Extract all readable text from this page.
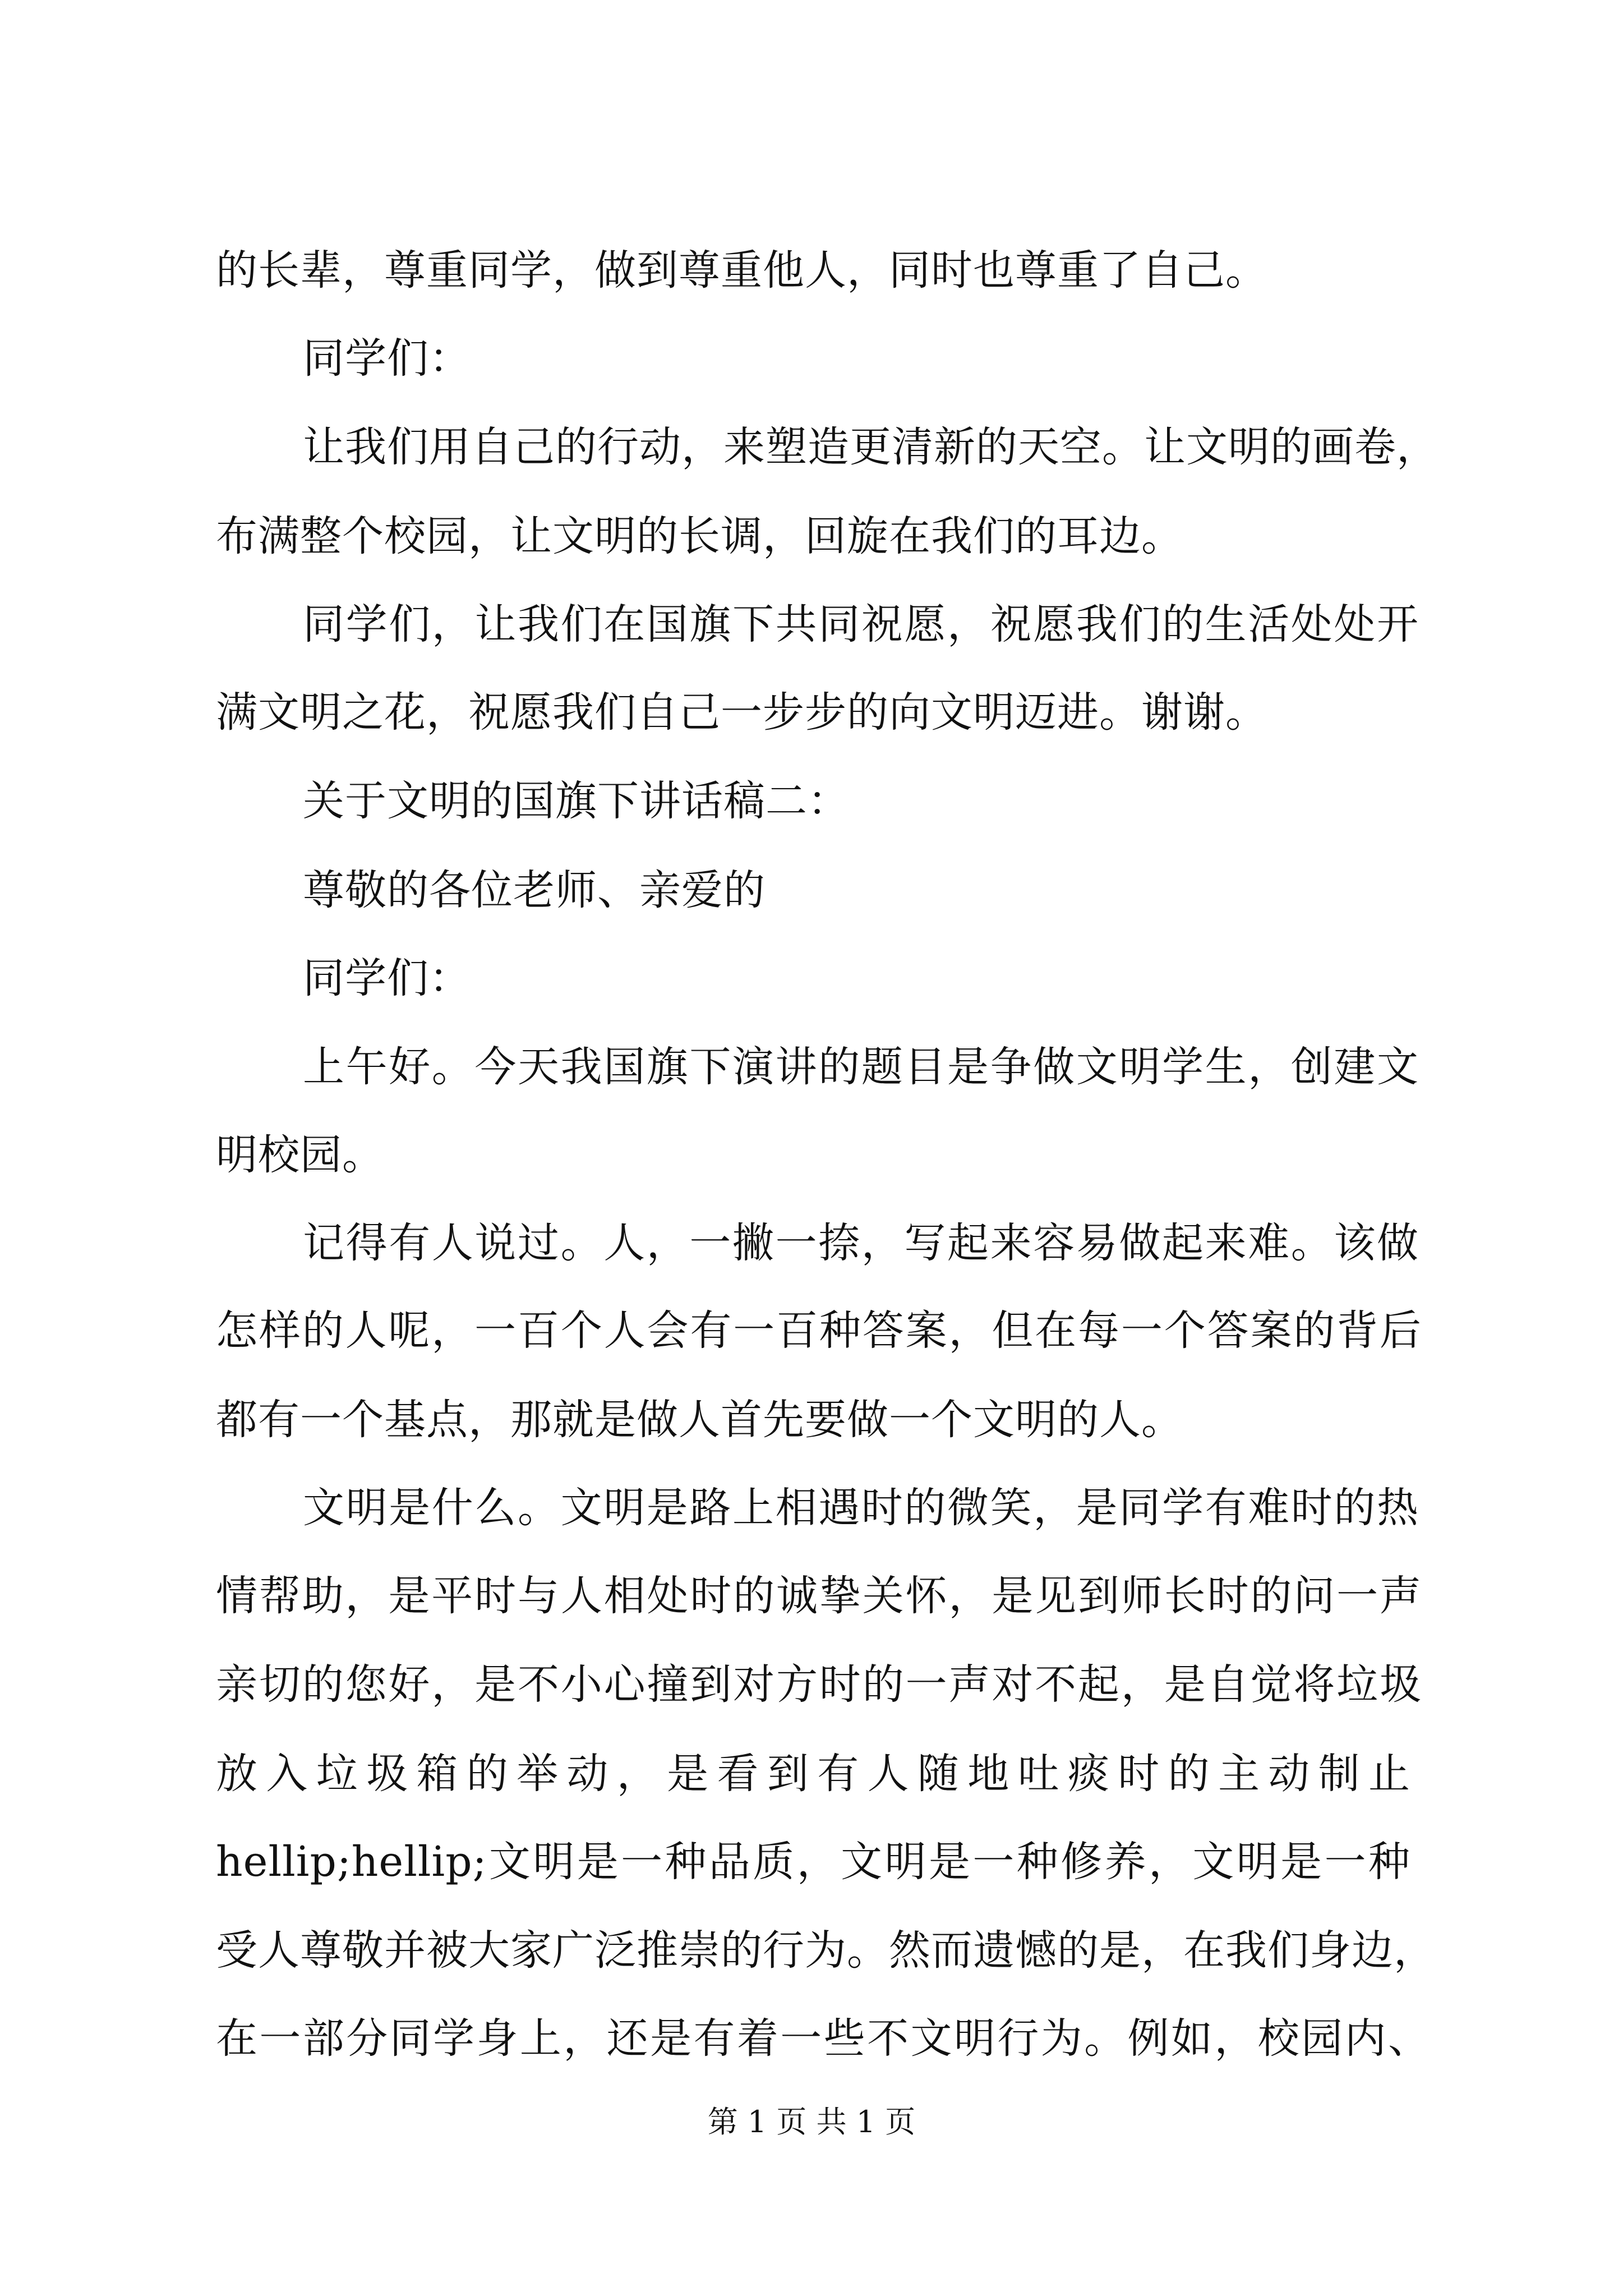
的长辈，尊重同学，做到尊重他人，同时也尊重了自己。
同学们：
让我们用自己的行动，来塑造更清新的天空。让文明的画卷，
布满整个校园，让文明的长调，回旋在我们的耳边。
同学们，让我们在国旗下共同祝愿，祝愿我们的生活处处开
满文明之花，祝愿我们自己一步步的向文明迈进。谢谢。
关于文明的国旗下讲话稿二：
尊敬的各位老师、亲爱的
同学们：
上午好。今天我国旗下演讲的题目是争做文明学生，创建文
明校园。
记得有人说过。人，一撇一捺，写起来容易做起来难。该做
怎样的人呢，一百个人会有一百种答案，但在每一个答案的背后
都有一个基点，那就是做人首先要做一个文明的人。
文明是什么。文明是路上相遇时的微笑，是同学有难时的热
情帮助，是平时与人相处时的诚挚关怀，是见到师长时的问一声
亲切的您好，是不小心撞到对方时的一声对不起，是自觉将垃圾
放入垃圾箱的举动，是看到有人随地吐痰时的主动制止
hellip;hellip;文明是一种品质，文明是一种修养，文明是一种
受人尊敬并被大家广泛推崇的行为。然而遗憾的是，在我们身边，
在一部分同学身上，还是有着一些不文明行为。例如，校园内、
第 1 页 共 1 页
